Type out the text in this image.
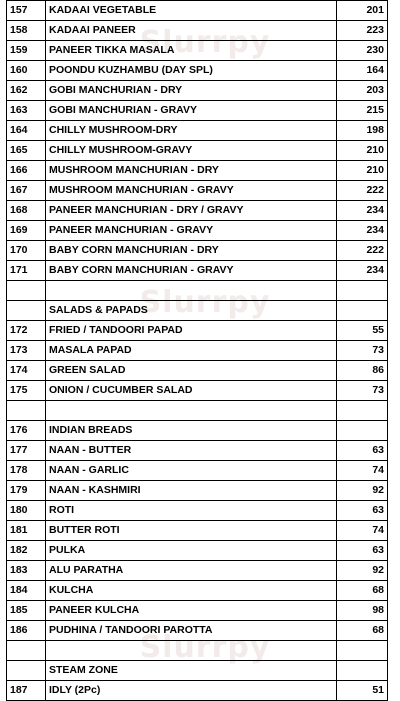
Slurrpy
Slurrpy
Slurrpy
157	KADAAI VEGETABLE	201
158	KADAAI PANEER	223
159	PANEER TIKKA MASALA	230
160	POONDU KUZHAMBU (DAY SPL)	164
162	GOBI MANCHURIAN - DRY	203
163	GOBI MANCHURIAN - GRAVY	215
164	CHILLY MUSHROOM-DRY	198
165	CHILLY MUSHROOM-GRAVY	210
166	MUSHROOM MANCHURIAN - DRY	210
167	MUSHROOM MANCHURIAN - GRAVY	222
168	PANEER MANCHURIAN - DRY / GRAVY	234
169	PANEER MANCHURIAN - GRAVY	234
170	BABY CORN MANCHURIAN - DRY	222
171	BABY CORN MANCHURIAN - GRAVY	234

	SALADS & PAPADS	
172	FRIED / TANDOORI PAPAD	55
173	MASALA PAPAD	73
174	GREEN SALAD	86
175	ONION / CUCUMBER SALAD	73

176	INDIAN BREADS	
177	NAAN - BUTTER	63
178	NAAN - GARLIC	74
179	NAAN - KASHMIRI	92
180	ROTI	63
181	BUTTER ROTI	74
182	PULKA	63
183	ALU PARATHA	92
184	KULCHA	68
185	PANEER KULCHA	98
186	PUDHINA / TANDOORI PAROTTA	68

	STEAM ZONE	
187	IDLY (2Pc)	51
